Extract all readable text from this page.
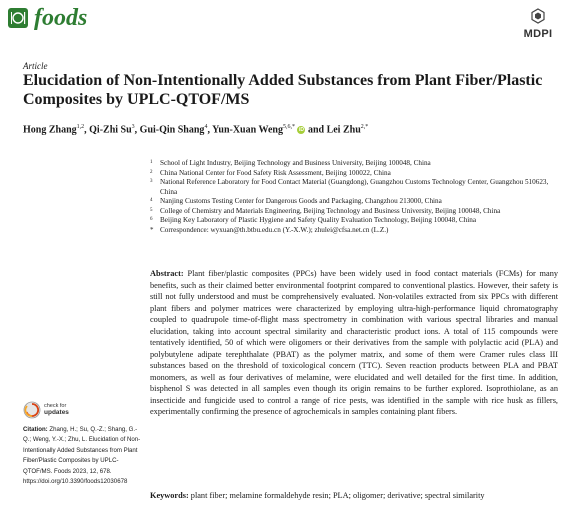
foods
MDPI
Article
Elucidation of Non-Intentionally Added Substances from Plant Fiber/Plastic Composites by UPLC-QTOF/MS
Hong Zhang$^{1,2}$, Qi-Zhi Su$^3$, Gui-Qin Shang$^4$, Yun-Xuan Weng$^{5,6,*}$ iD and Lei Zhu$^{2,*}$
1 School of Light Industry, Beijing Technology and Business University, Beijing 100048, China
2 China National Center for Food Safety Risk Assessment, Beijing 100022, China
3 National Reference Laboratory for Food Contact Material (Guangdong), Guangzhou Customs Technology Center, Guangzhou 510623, China
4 Nanjing Customs Testing Center for Dangerous Goods and Packaging, Changzhou 213000, China
5 College of Chemistry and Materials Engineering, Beijing Technology and Business University, Beijing 100048, China
6 Beijing Key Laboratory of Plastic Hygiene and Safety Quality Evaluation Technology, Beijing 100048, China
* Correspondence: wyxuan@th.btbu.edu.cn (Y.-X.W.); zhulei@cfsa.net.cn (L.Z.)
Abstract: Plant fiber/plastic composites (PPCs) have been widely used in food contact materials (FCMs) for many benefits, such as their claimed better environmental footprint compared to conventional plastics. However, their safety is still not fully understood and must be comprehensively evaluated. Non-volatiles extracted from six PPCs with different plant fibers and polymer matrices were characterized by employing ultra-high-performance liquid chromatography coupled to quadrupole time-of-flight mass spectrometry in combination with various spectral libraries and manual elucidation, taking into account spectral similarity and characteristic product ions. A total of 115 compounds were tentatively identified, 50 of which were oligomers or their derivatives from the sample with polylactic acid (PLA) and polybutylene adipate terephthalate (PBAT) as the polymer matrix, and some of them were Cramer rules class III substances based on the threshold of toxicological concern (TTC). Seven reaction products between PLA and PBAT monomers, as well as four derivatives of melamine, were elucidated and well detailed for the first time. In addition, bisphenol S was detected in all samples even though its origin remains to be further explored. Isoprothiolane, as an insecticide and fungicide used to control a range of rice pests, was identified in the sample with rice husk as fillers, experimentally confirming the presence of agrochemicals in samples containing plant fibers.
Keywords: plant fiber; melamine formaldehyde resin; PLA; oligomer; derivative; spectral similarity
check for
updates
Citation: Zhang, H.; Su, Q.-Z.; Shang, G.-Q.; Weng, Y.-X.; Zhu, L. Elucidation of Non-Intentionally Added Substances from Plant Fiber/Plastic Composites by UPLC-QTOF/MS. Foods 2023, 12, 678. https://doi.org/10.3390/foods12030678
